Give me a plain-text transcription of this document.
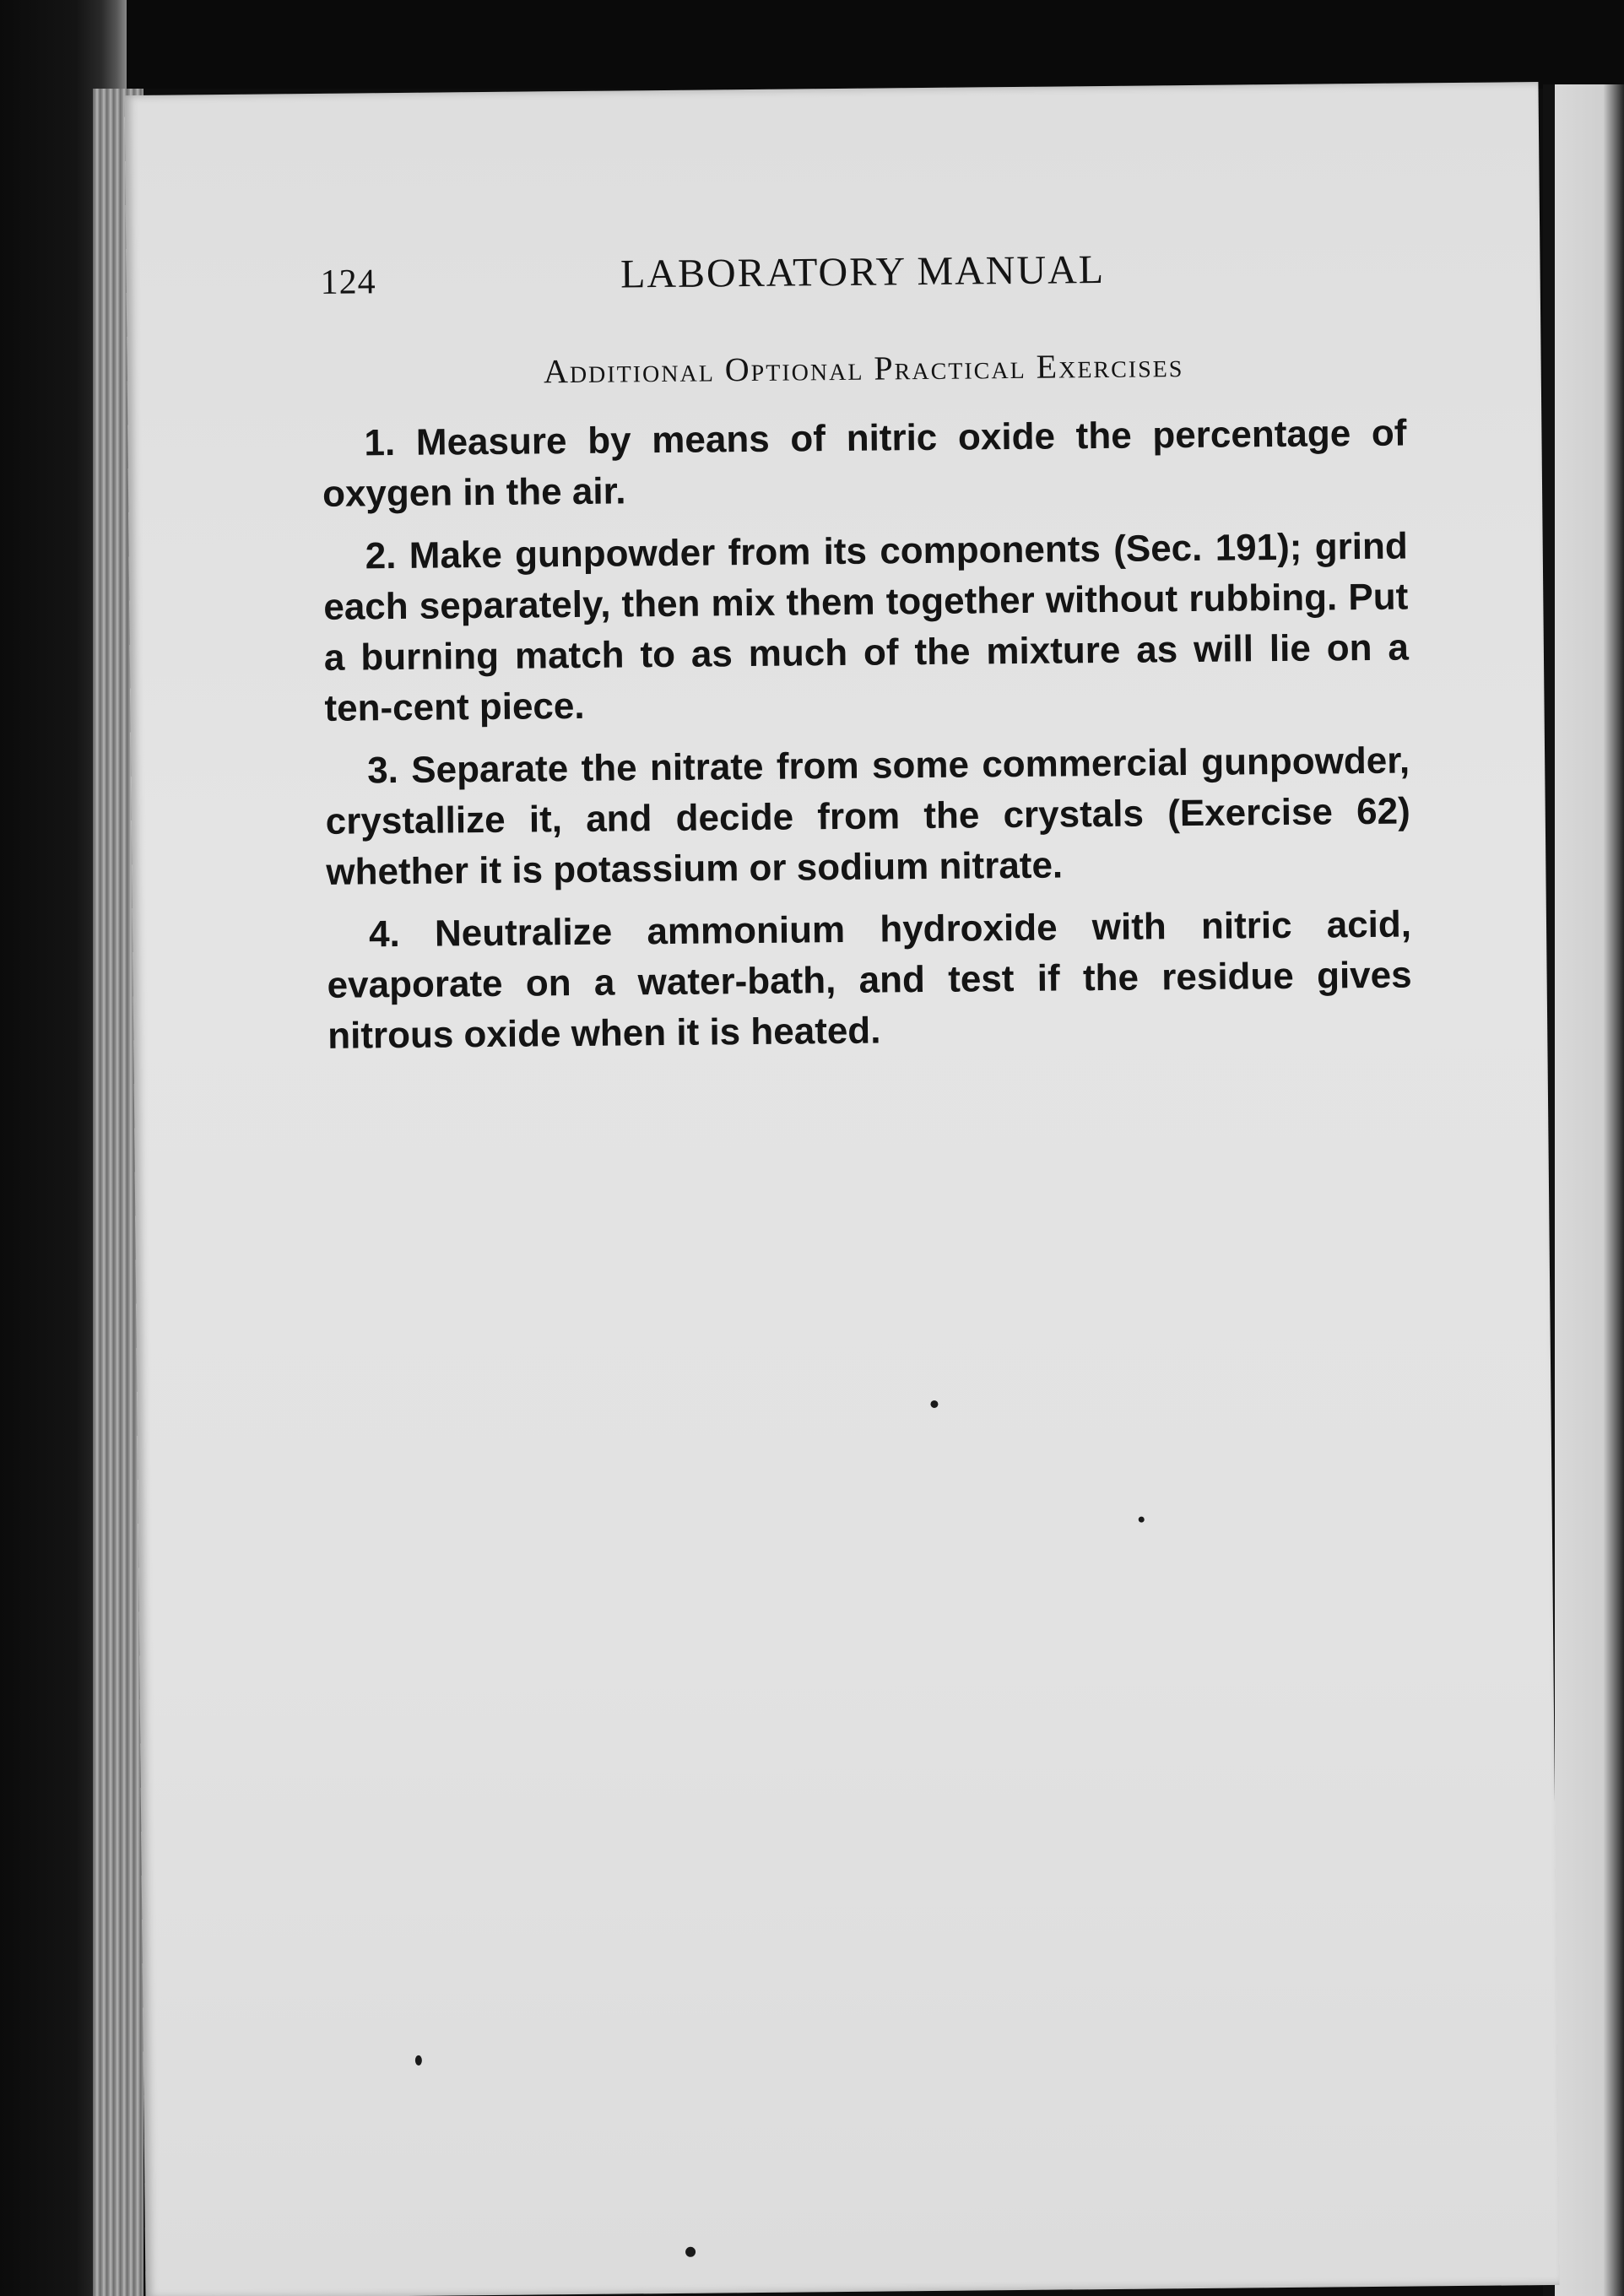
124	LABORATORY MANUAL
Additional Optional Practical Exercises

1. Measure by means of nitric oxide the percentage of oxygen in the air.

2. Make gunpowder from its components (Sec. 191); grind each separately, then mix them together without rubbing. Put a burning match to as much of the mixture as will lie on a ten-cent piece.

3. Separate the nitrate from some commercial gunpowder, crystallize it, and decide from the crystals (Exercise 62) whether it is potassium or sodium nitrate.

4. Neutralize ammonium hydroxide with nitric acid, evaporate on a water-bath, and test if the residue gives nitrous oxide when it is heated.
